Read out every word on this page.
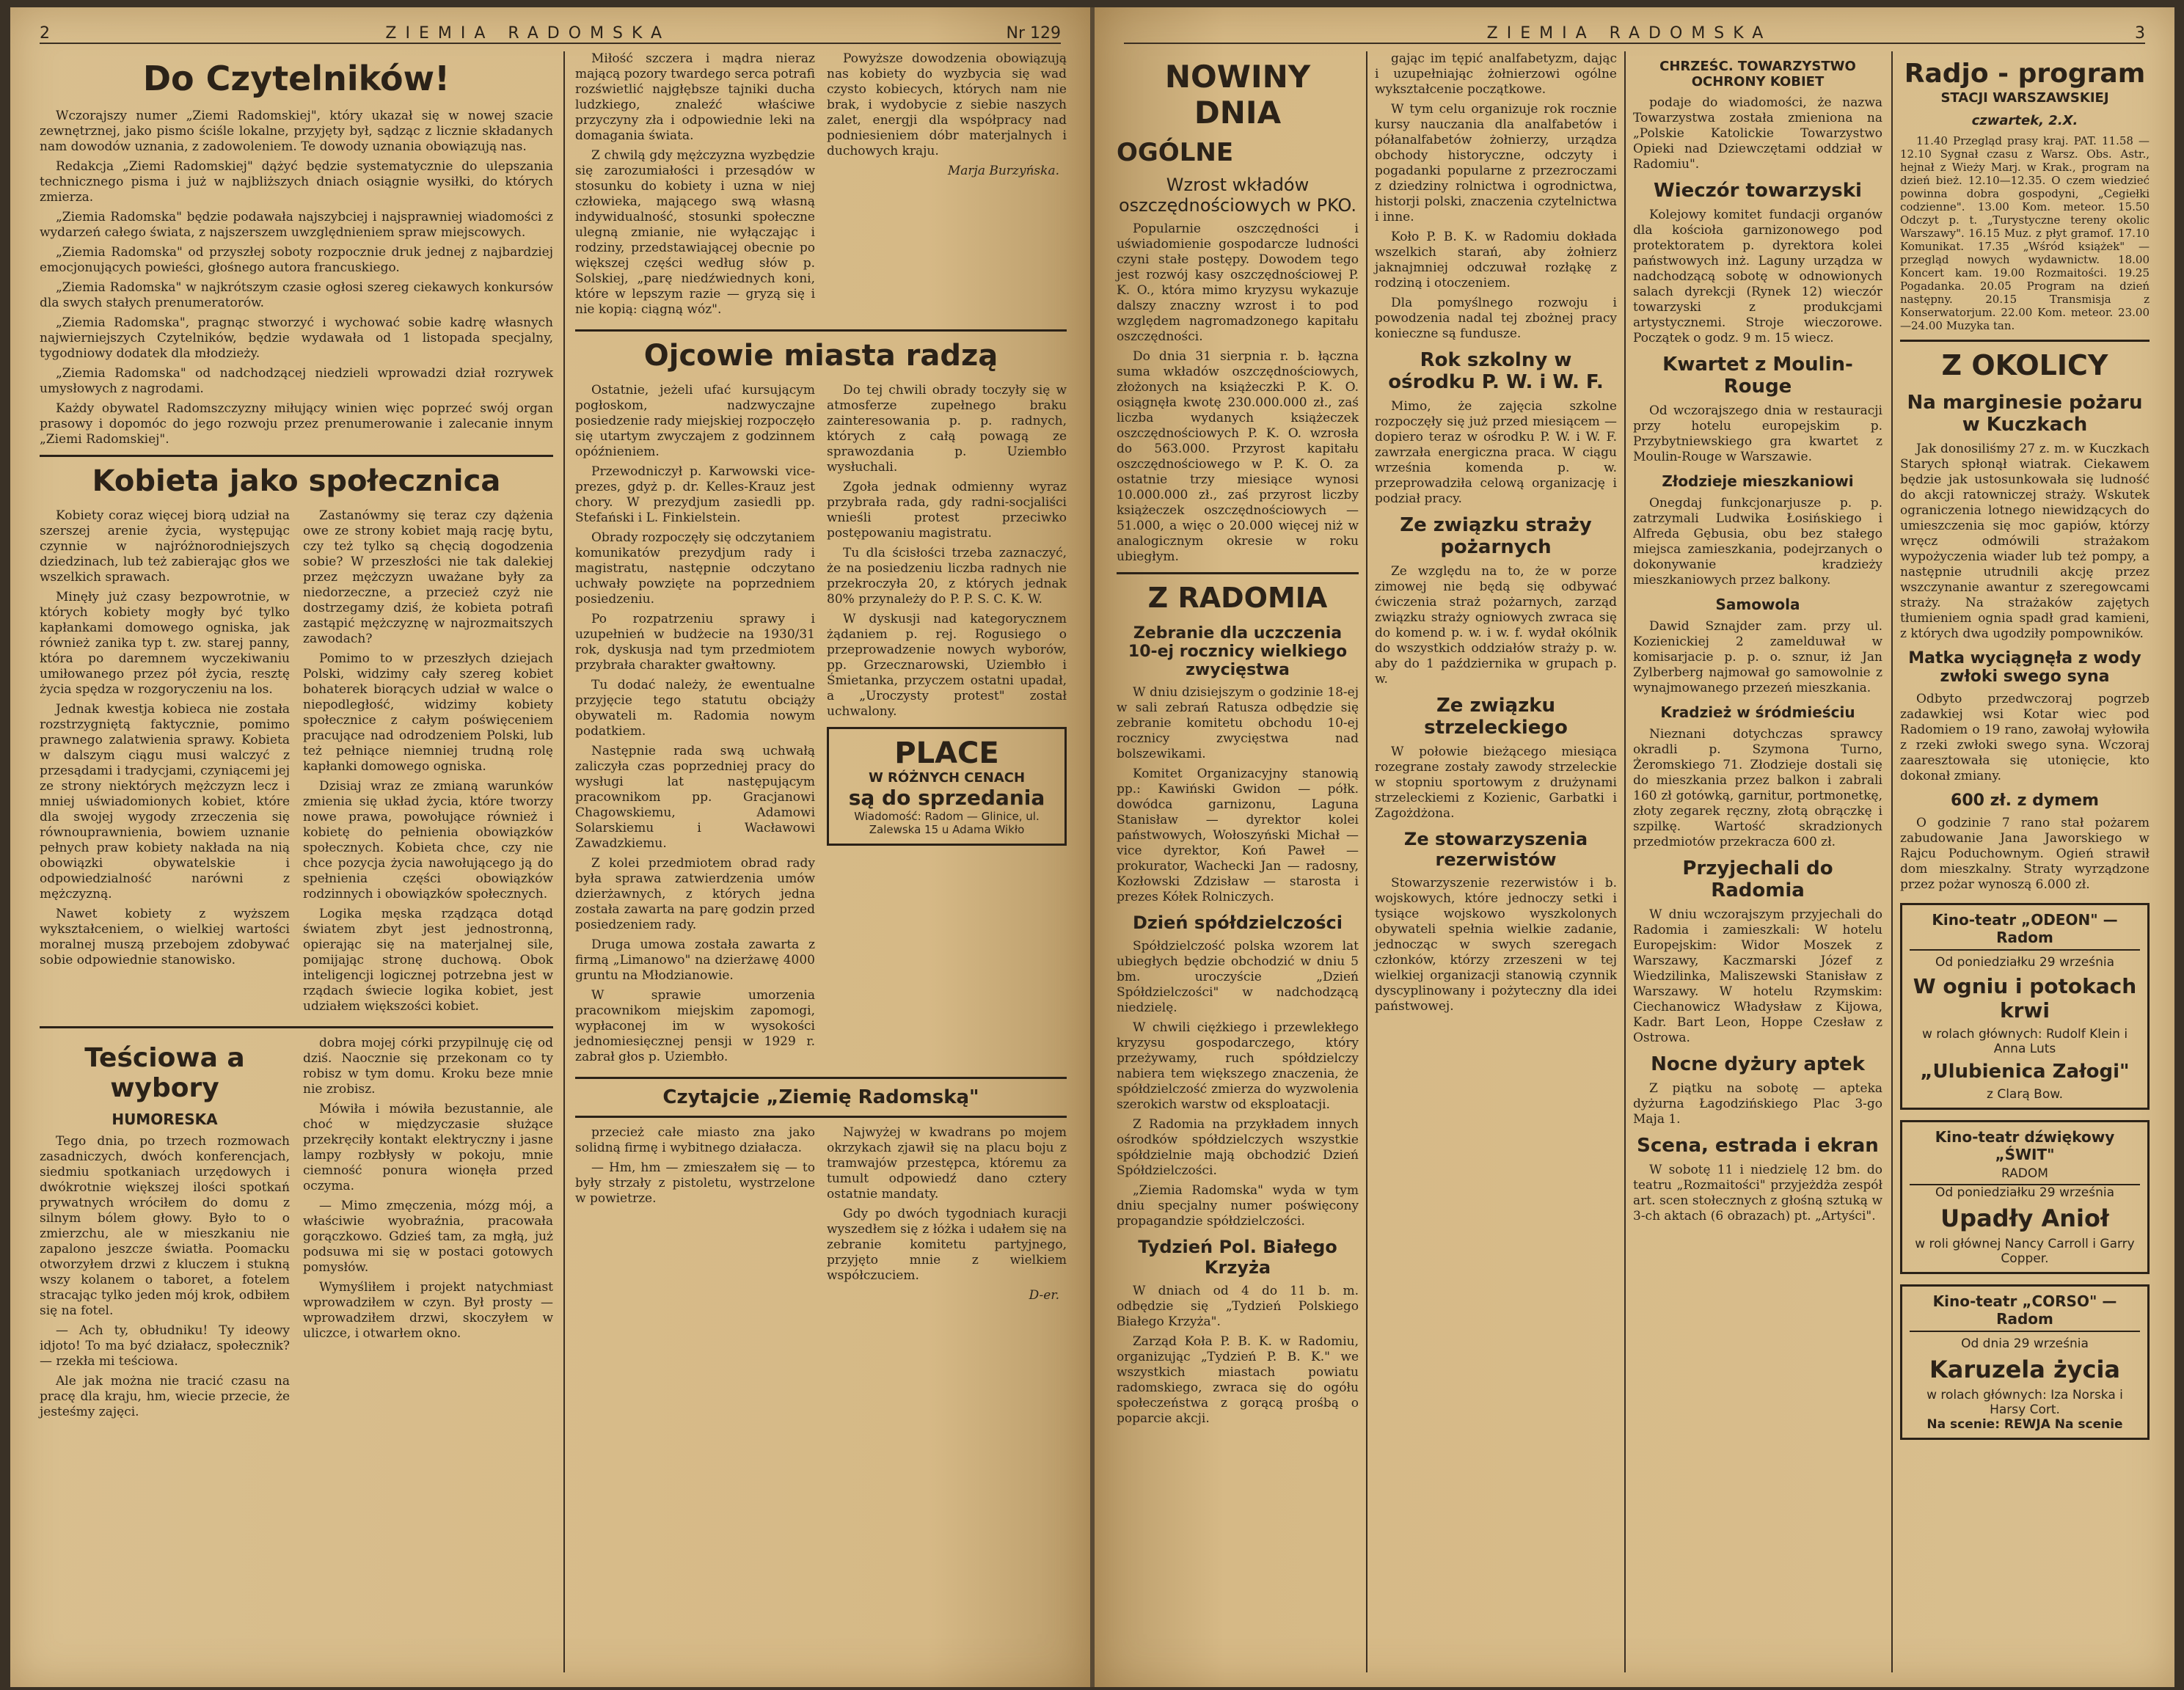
2	ZIEMIA RADOMSKA	Nr 129
Do Czytelników!

Wczorajszy numer „Ziemi Radomskiej", który ukazał się w nowej szacie zewnętrznej, jako pismo ściśle lokalne, przyjęty był, sądząc z licznie składanych nam dowodów uznania, z zadowoleniem. Te dowody uznania obowiązują nas.

Redakcja „Ziemi Radomskiej" dążyć będzie systematycznie do ulepszania technicznego pisma i już w najbliższych dniach osiągnie wysiłki, do których zmierza.

„Ziemia Radomska" będzie podawała najszybciej i najsprawniej wiadomości z wydarzeń całego świata, z najszerszem uwzględnieniem spraw miejscowych.

„Ziemia Radomska" od przyszłej soboty rozpocznie druk jednej z najbardziej emocjonujących powieści, głośnego autora francuskiego.

„Ziemia Radomska" w najkrótszym czasie ogłosi szereg ciekawych konkursów dla swych stałych prenumeratorów.

„Ziemia Radomska", pragnąc stworzyć i wychować sobie kadrę własnych najwierniejszych Czytelników, będzie wydawała od 1 listopada specjalny, tygodniowy dodatek dla młodzieży.

„Ziemia Radomska" od nadchodzącej niedzieli wprowadzi dział rozrywek umysłowych z nagrodami.

Każdy obywatel Radomszczyzny miłujący winien więc poprzeć swój organ prasowy i dopomóc do jego rozwoju przez prenumerowanie i zalecanie innym „Ziemi Radomskiej".

Kobieta jako społecznica

Kobiety coraz więcej biorą udział na szerszej arenie życia, występując czynnie w najróżnorodniejszych dziedzinach, lub też zabierając głos we wszelkich sprawach.

Minęły już czasy bezpowrotnie, w których kobiety mogły być tylko kapłankami domowego ogniska, jak również zanika typ t. zw. starej panny, która po daremnem wyczekiwaniu umiłowanego przez pół życia, resztę życia spędza w rozgoryczeniu na los.

Jednak kwestja kobieca nie została rozstrzygniętą faktycznie, pomimo prawnego zalatwienia sprawy. Kobieta w dalszym ciągu musi walczyć z przesądami i tradycjami, czyniącemi jej ze strony niektórych mężczyzn lecz i mniej uświadomionych kobiet, które dla swojej wygody zrzeczenia się równouprawnienia, bowiem uznanie pełnych praw kobiety nakłada na nią obowiązki obywatelskie i odpowiedzialność narówni z mężczyzną.

Nawet kobiety z wyższem wykształceniem, o wielkiej wartości moralnej muszą przebojem zdobywać sobie odpowiednie stanowisko.

Zastanówmy się teraz czy dążenia owe ze strony kobiet mają rację bytu, czy też tylko są chęcią dogodzenia sobie? W przeszłości nie tak dalekiej przez mężczyzn uważane były za niedorzeczne, a przecież czyż nie dostrzegamy dziś, że kobieta potrafi zastąpić mężczyznę w najrozmaitszych zawodach?

Pomimo to w przeszłych dziejach Polski, widzimy cały szereg kobiet bohaterek biorących udział w walce o niepodległość, widzimy kobiety społecznice z całym poświęceniem pracujące nad odrodzeniem Polski, lub też pełniące niemniej trudną rolę kapłanki domowego ogniska.

Dzisiaj wraz ze zmianą warunków zmienia się układ życia, które tworzy nowe prawa, powołujące również i kobietę do pełnienia obowiązków społecznych. Kobieta chce, czy nie chce pozycja życia nawołującego ją do spełnienia części obowiązków rodzinnych i obowiązków społecznych.

Logika męska rządząca dotąd światem zbyt jest jednostronną, opierając się na materjalnej sile, pomijając stronę duchową. Obok inteligencji logicznej potrzebna jest w rządach świecie logika kobiet, jest udziałem większości kobiet.

Teściowa a wybory
HUMORESKA

Tego dnia, po trzech rozmowach zasadniczych, dwóch konferencjach, siedmiu spotkaniach urzędowych i dwókrotnie większej ilości spotkań prywatnych wróciłem do domu z silnym bólem głowy. Było to o zmierzchu, ale w mieszkaniu nie zapalono jeszcze światła. Poomacku otworzyłem drzwi z kluczem i stukną wszy kolanem o taboret, a fotelem stracając tylko jeden mój krok, odbiłem się na fotel.

— Ach ty, obłudniku! Ty ideowy idjoto! To ma być działacz, społecznik? — rzekła mi teściowa.

Ale jak można nie tracić czasu na pracę dla kraju, hm, wiecie przecie, że jesteśmy zajęci.

dobra mojej córki przypilnuję cię od dziś. Naocznie się przekonam co ty robisz w tym domu. Kroku beze mnie nie zrobisz.

Mówiła i mówiła bezustannie, ale choć w międzyczasie służące przekręciły kontakt elektryczny i jasne lampy rozbłysły w pokoju, mnie ciemność ponura wionęła przed oczyma.

— Mimo zmęczenia, mózg mój, a właściwie wyobraźnia, pracowała gorączkowo. Gdzieś tam, za mgłą, już podsuwa mi się w postaci gotowych pomysłów.

Wymyśliłem i projekt natychmiast wprowadziłem w czyn. Był prosty — wprowadziłem drzwi, skoczyłem w uliczce, i otwarłem okno.

Miłość szczera i mądra nieraz mającą pozory twardego serca potrafi rozświetlić najgłębsze tajniki ducha ludzkiego, znaleźć właściwe przyczyny zła i odpowiednie leki na domagania świata.

Z chwilą gdy mężczyzna wyzbędzie się zarozumiałości i przesądów w stosunku do kobiety i uzna w niej człowieka, mającego swą własną indywidualność, stosunki społeczne ulegną zmianie, nie wyłączając i rodziny, przedstawiającej obecnie po większej części według słów p. Solskiej, „parę niedźwiednych koni, które w lepszym razie — gryzą się i nie kopią: ciągną wóz".

Powyższe dowodzenia obowiązują nas kobiety do wyzbycia się wad czysto kobiecych, których nam nie brak, i wydobycie z siebie naszych zalet, energji dla współpracy nad podniesieniem dóbr materjalnych i duchowych kraju.

Marja Burzyńska.
Ojcowie miasta radzą

Ostatnie, jeżeli ufać kursującym pogłoskom, nadzwyczajne posiedzenie rady miejskiej rozpoczęło się utartym zwyczajem z godzinnem opóźnieniem.

Przewodniczył p. Karwowski vice-prezes, gdyż p. dr. Kelles-Krauz jest chory. W prezydjum zasiedli pp. Stefański i L. Finkielstein.

Obrady rozpoczęły się odczytaniem komunikatów prezydjum rady i magistratu, następnie odczytano uchwały powzięte na poprzedniem posiedzeniu.

Po rozpatrzeniu sprawy i uzupełnień w budżecie na 1930/31 rok, dyskusja nad tym przedmiotem przybrała charakter gwałtowny.

Tu dodać należy, że ewentualne przyjęcie tego statutu obciąży obywateli m. Radomia nowym podatkiem.

Następnie rada swą uchwałą zaliczyła czas poprzedniej pracy do wysługi lat następującym pracownikom pp. Gracjanowi Chagowskiemu, Adamowi Solarskiemu i Wacławowi Zawadzkiemu.

Z kolei przedmiotem obrad rady była sprawa zatwierdzenia umów dzierżawnych, z których jedna została zawarta na parę godzin przed posiedzeniem rady.

Druga umowa została zawarta z firmą „Limanowo" na dzierżawę 4000 gruntu na Młodzianowie.

W sprawie umorzenia pracownikom miejskim zapomogi, wypłaconej im w wysokości jednomiesięcznej pensji w 1929 r. zabrał głos p. Uziembło.

Do tej chwili obrady toczyły się w atmosferze zupełnego braku zainteresowania p. p. radnych, których z całą powagą ze sprawozdania p. Uziembło wysłuchali.

Zgoła jednak odmienny wyraz przybrała rada, gdy radni-socjaliści wnieśli protest przeciwko postępowaniu magistratu.

Tu dla ścisłości trzeba zaznaczyć, że na posiedzeniu liczba radnych nie przekroczyła 20, z których jednak 80% przynależy do P. P. S. C. K. W.

W dyskusji nad kategorycznem żądaniem p. rej. Rogusiego o przeprowadzenie nowych wyborów, pp. Grzecznarowski, Uziembło i Śmietanka, przyczem ostatni upadał, a „Uroczysty protest" został uchwalony.

PLACE
W RÓŻNYCH CENACH
są do sprzedania
Wiadomość: Radom — Glinice, ul. Zalewska 15 u Adama Wikło
Czytajcie „Ziemię Radomską"

przecież całe miasto zna jako solidną firmę i wybitnego działacza.

— Hm, hm — zmieszałem się — to były strzały z pistoletu, wystrzelone w powietrze.

Najwyżej w kwadrans po mojem okrzykach zjawił się na placu boju z tramwajów przestępca, któremu za tumult odpowiedź dano cztery ostatnie mandaty.

Gdy po dwóch tygodniach kuracji wyszedłem się z łóżka i udałem się na zebranie komitetu partyjnego, przyjęto mnie z wielkiem współczuciem.

D-er.
ZIEMIA RADOMSKA	3
NOWINY DNIA
OGÓLNE
Wzrost wkładów oszczędnościowych w PKO.

Popularnie oszczędności i uświadomienie gospodarcze ludności czyni stałe postępy. Dowodem tego jest rozwój kasy oszczędnościowej P. K. O., która mimo kryzysu wykazuje dalszy znaczny wzrost i to pod względem nagromadzonego kapitału oszczędności.

Do dnia 31 sierpnia r. b. łączna suma wkładów oszczędnościowych, złożonych na książeczki P. K. O. osiągnęła kwotę 230.000.000 zł., zaś liczba wydanych książeczek oszczędnościowych P. K. O. wzrosła do 563.000. Przyrost kapitału oszczędnościowego w P. K. O. za ostatnie trzy miesiące wynosi 10.000.000 zł., zaś przyrost liczby książeczek oszczędnościowych — 51.000, a więc o 20.000 więcej niż w analogicznym okresie w roku ubiegłym.

Z RADOMIA
Zebranie dla uczczenia 10-ej rocznicy wielkiego zwycięstwa

W dniu dzisiejszym o godzinie 18-ej w sali zebrań Ratusza odbędzie się zebranie komitetu obchodu 10-ej rocznicy zwycięstwa nad bolszewikami.

Komitet Organizacyjny stanowią pp.: Kawiński Gwidon — półk. dowódca garnizonu, Laguna Stanisław — dyrektor kolei państwowych, Wołoszyński Michał — vice dyrektor, Koń Paweł — prokurator, Wachecki Jan — radosny, Kozłowski Zdzisław — starosta i prezes Kółek Rolniczych.

Dzień spółdzielczości

Spółdzielczość polska wzorem lat ubiegłych będzie obchodzić w dniu 5 bm. uroczyście „Dzień Spółdzielczości" w nadchodzącą niedzielę.

W chwili ciężkiego i przewlekłego kryzysu gospodarczego, który przeżywamy, ruch spółdzielczy nabiera tem większego znaczenia, że spółdzielczość zmierza do wyzwolenia szerokich warstw od eksploatacji.

Z Radomia na przykładem innych ośrodków spółdzielczych wszystkie spółdzielnie mają obchodzić Dzień Spółdzielczości.

„Ziemia Radomska" wyda w tym dniu specjalny numer poświęcony propagandzie spółdzielczości.

Tydzień Pol. Białego Krzyża

W dniach od 4 do 11 b. m. odbędzie się „Tydzień Polskiego Białego Krzyża".

Zarząd Koła P. B. K. w Radomiu, organizując „Tydzień P. B. K." we wszystkich miastach powiatu radomskiego, zwraca się do ogółu społeczeństwa z gorącą prośbą o poparcie akcji.

gając im tępić analfabetyzm, dając i uzupełniając żołnierzowi ogólne wykształcenie początkowe.

W tym celu organizuje rok rocznie kursy nauczania dla analfabetów i półanalfabetów żołnierzy, urządza obchody historyczne, odczyty i pogadanki popularne z przezroczami z dziedziny rolnictwa i ogrodnictwa, historji polski, znaczenia czytelnictwa i inne.

Koło P. B. K. w Radomiu dokłada wszelkich starań, aby żołnierz jaknajmniej odczuwał rozłąkę z rodziną i otoczeniem.

Dla pomyślnego rozwoju i powodzenia nadal tej zbożnej pracy konieczne są fundusze.

Rok szkolny w ośrodku P. W. i W. F.

Mimo, że zajęcia szkolne rozpoczęły się już przed miesiącem — dopiero teraz w ośrodku P. W. i W. F. zawrzała energiczna praca. W ciągu września komenda p. w. przeprowadziła celową organizację i podział pracy.

Ze związku straży pożarnych

Ze względu na to, że w porze zimowej nie będą się odbywać ćwiczenia straż pożarnych, zarząd związku straży ogniowych zwraca się do komend p. w. i w. f. wydał okólnik do wszystkich oddziałów straży p. w. aby do 1 października w grupach p. w.

Ze związku strzeleckiego

W połowie bieżącego miesiąca rozegrane zostały zawody strzeleckie w stopniu sportowym z drużynami strzeleckiemi z Kozienic, Garbatki i Zagożdżona.

Ze stowarzyszenia rezerwistów

Stowarzyszenie rezerwistów i b. wojskowych, które jednoczy setki i tysiące wojskowo wyszkolonych obywateli spełnia wielkie zadanie, jednocząc w swych szeregach członków, którzy zrzeszeni w tej wielkiej organizacji stanowią czynnik dyscyplinowany i pożyteczny dla idei państwowej.

CHRZEŚC. TOWARZYSTWO OCHRONY KOBIET

podaje do wiadomości, że nazwa Towarzystwa została zmieniona na „Polskie Katolickie Towarzystwo Opieki nad Dziewczętami oddział w Radomiu".

Wieczór towarzyski

Kolejowy komitet fundacji organów dla kościoła garnizonowego pod protektoratem p. dyrektora kolei państwowych inż. Laguny urządza w nadchodzącą sobotę w odnowionych salach dyrekcji (Rynek 12) wieczór towarzyski z produkcjami artystycznemi. Stroje wieczorowe. Początek o godz. 9 m. 15 wiecz.

Kwartet z Moulin-Rouge

Od wczorajszego dnia w restauracji przy hotelu europejskim p. Przybytniewskiego gra kwartet z Moulin-Rouge w Warszawie.

Złodzieje mieszkaniowi

Onegdaj funkcjonarjusze p. p. zatrzymali Ludwika Łosińskiego i Alfreda Gębusia, obu bez stałego miejsca zamieszkania, podejrzanych o dokonywanie kradzieży mieszkaniowych przez balkony.

Samowola

Dawid Sznajder zam. przy ul. Kozienickiej 2 zamelduwał w komisarjacie p. p. o. sznur, iż Jan Zylberberg najmował go samowolnie z wynajmowanego przezeń mieszkania.

Kradzież w śródmieściu

Nieznani dotychczas sprawcy okradli p. Szymona Turno, Żeromskiego 71. Złodzieje dostali się do mieszkania przez balkon i zabrali 160 zł gotówką, garnitur, portmonetkę, złoty zegarek ręczny, złotą obrączkę i szpilkę. Wartość skradzionych przedmiotów przekracza 600 zł.

Przyjechali do Radomia

W dniu wczorajszym przyjechali do Radomia i zamieszkali: W hotelu Europejskim: Widor Moszek z Warszawy, Kaczmarski Józef z Wiedzilinka, Maliszewski Stanisław z Warszawy. W hotelu Rzymskim: Ciechanowicz Władysław z Kijowa, Kadr. Bart Leon, Hoppe Czesław z Ostrowa.

Nocne dyżury aptek

Z piątku na sobotę — apteka dyżurna Łagodzińskiego Plac 3-go Maja 1.

Scena, estrada i ekran

W sobotę 11 i niedzielę 12 bm. do teatru „Rozmaitości" przyjeżdża zespół art. scen stołecznych z głośną sztuką w 3-ch aktach (6 obrazach) pt. „Artyści".

Radjo - program
STACJI WARSZAWSKIEJ
czwartek, 2.X.

11.40 Przegląd prasy kraj. PAT. 11.58 — 12.10 Sygnał czasu z Warsz. Obs. Astr., hejnał z Wieży Marj. w Krak., program na dzień bież. 12.10—12.35. O czem wiedzieć powinna dobra gospodyni, „Cegiełki codzienne". 13.00 Kom. meteor. 15.50 Odczyt p. t. „Turystyczne tereny okolic Warszawy". 16.15 Muz. z płyt gramof. 17.10 Komunikat. 17.35 „Wśród książek" — przegląd nowych wydawnictw. 18.00 Koncert kam. 19.00 Rozmaitości. 19.25 Pogadanka. 20.05 Program na dzień następny. 20.15 Transmisja z Konserwatorjum. 22.00 Kom. meteor. 23.00—24.00 Muzyka tan.

Z OKOLICY
Na marginesie pożaru w Kuczkach

Jak donosiliśmy 27 z. m. w Kuczkach Starych spłonął wiatrak. Ciekawem będzie jak ustosunkowała się ludność do akcji ratowniczej straży. Wskutek ograniczenia lotnego niewidzących do umieszczenia się moc gapiów, którzy wręcz odmówili strażakom wypożyczenia wiader lub też pompy, a następnie utrudnili akcję przez wszczynanie awantur z szeregowcami straży. Na strażaków zajętych tłumieniem ognia spadł grad kamieni, z których dwa ugodziły pompowników.

Matka wyciągnęła z wody zwłoki swego syna

Odbyto przedwczoraj pogrzeb zadawkiej wsi Kotar wiec pod Radomiem o 19 rano, zawołaj wyłowiła z rzeki zwłoki swego syna. Wczoraj zaaresztowała się utonięcie, kto dokonał zmiany.

600 zł. z dymem

O godzinie 7 rano stał pożarem zabudowanie Jana Jaworskiego w Rajcu Poduchownym. Ogień strawił dom mieszkalny. Straty wyrządzone przez pożar wynoszą 6.000 zł.

Kino-teatr „ODEON" — Radom
Od poniedziałku 29 września
W ogniu i potokach krwi
w rolach głównych: Rudolf Klein i Anna Luts
„Ulubienica Załogi"
z Clarą Bow.
Kino-teatr dźwiękowy „ŚWIT"
RADOM
Od poniedziałku 29 września
Upadły Anioł
w roli głównej Nancy Carroll i Garry Copper.
Kino-teatr „CORSO" — Radom
Od dnia 29 września
Karuzela życia
w rolach głównych: Iza Norska i Harsy Cort.
Na scenie: REWJA Na scenie
